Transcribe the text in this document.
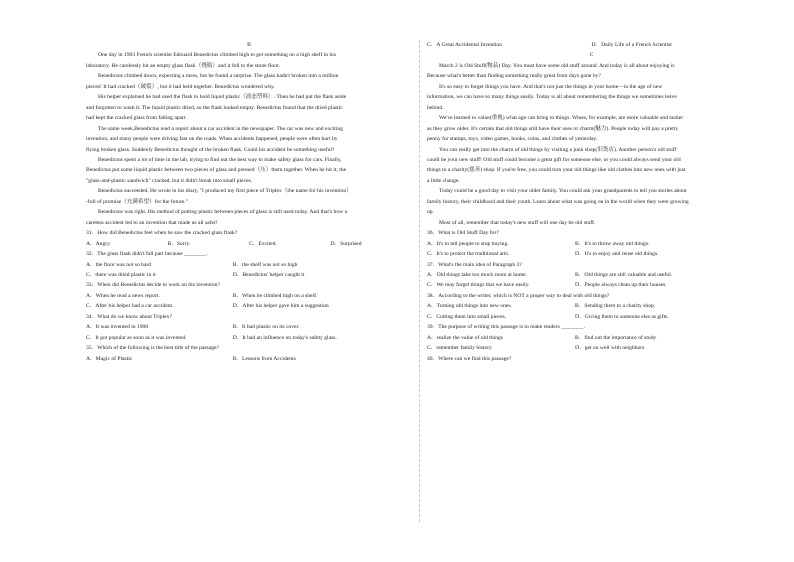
B
One day in 1903 French scientist Edouard Benedictus climbed high to get something on a high shelf in his
laboratory. He carelessly hit an empty glass flask（烧瓶）and it fell to the stone floor.
Benedictus climbed down, expecting a mess, but he found a surprise. The glass hadn't broken into a million
pieces! It had cracked（破裂）, but it had held together. Benedictus wondered why.
His helper explained he had used the flask to hold liquid plastic（液态塑料）. Then he had put the flask aside
and forgotten to wash it. The liquid plastic dried, so the flask looked empty. Benedictus found that the dried plastic
had kept the cracked glass from falling apart.
The same week,Benedictus read a report about a car accident in the newspaper. The car was new and exciting
invention, and many people were driving fast on the roads. When accidents happened, people were often hurt by
flying broken glass. Suddenly Benedictus thought of the broken flask. Could his accident be something useful?
Benedictus spent a lot of time in the lab, trying to find out the best way to make safety glass for cars. Finally,
Benedictus put some liquid plastic between two pieces of glass and pressed（压）them together. When he hit it, the
"glass-and-plastic sandwich" cracked, but it didn't break into small pieces.
Benedictus succeeded. He wrote in his diary, "I produced my first piece of Triplex（the name for his invention）
-full of promise（充满希望）for the future."
Benedictus was right. His method of putting plastic between pieces of glass is still used today. And that's how a
careless accident led to an invention that made us all safer!
31．How did Benedictus feel when he saw the cracked glass flask?
A．Angry.	B．Sorry.	C．Excited.	D．Surprised
32．The glass flask didn't fall part because ________.
A．the floor was not so hard	B．the shelf was not so high
C．there was dried plastic in it	D．Benedictus' helper caught it
33．When did Benedictus decide to work on his invention?
A．When he read a news report.	B．When he climbed high on a shelf.
C．After his helper had a car accident.	D．After his helper gave him a suggestion
34．What do we know about Triplex?
A．It was invented in 1900	B．It had plastic on its cover.
C．It got popular as soon as it was invented.	D．It had an influence on today's safety glass.
35．Which of the following is the best title of the passage?
A．Magic of Plastic	B．Lessons from Accidents
C．A Great Accidental Invention	D．Daily Life of a French Scientist
C
March 2 is Old Stuff(物品) Day. You must have some old stuff around. And today is all about enjoying it.
Because what's better than finding something really great from days gone by?
It's so easy to forget things you have. And that's not just the things in your home—in the age of new
information, we can have so many things easily. Today is all about remembering the things we sometimes leave
behind.
We've learned to value(重视) what age can bring to things. Wines, for example, are more valuable and tastier
as they grow older. It's certain that old things still have their uses or charm(魅力). People today will pay a pretty
penny for stamps, toys, video games, books, coins, and clothes of yesterday.
You can really get into the charm of old things by visiting a junk shop(旧货店). Another person's old stuff
could be your new stuff! Old stuff could become a great gift for someone else, or you could always send your old
things to a charity(慈善) shop. If you're free, you could turn your old things like old clothes into new ones with just
a little change.
Today could be a good day to visit your older family. You could ask your grandparents to tell you stories about
family history, their childhood and their youth. Learn about what was going on in the world when they were growing
up.
Most of all, remember that today's new stuff will one day be old stuff.
36．What is Old Stuff Day for?
A．It's to tell people to stop buying.	B．It's to throw away old things.
C．It's to protect the traditional arts.	D．It's to enjoy and reuse old things.
37．What's the main idea of Paragraph 3?
A．Old things take too much room at home.	B．Old things are still valuable and useful.
C．We may forget things that we have easily.	D．People always clean up their houses.
38．According to the writer, which is NOT a proper way to deal with old things?
A．Turning old things into new ones.	B．Sending them to a charity shop.
C．Cutting them into small pieces.	D．Giving them to someone else as gifts.
39．The purpose of writing this passage is to make readers ________.
A．realize the value of old things	B．find out the importance of study
C．remember family history	D．get on well with neighbors
40．Where can we find this passage?
